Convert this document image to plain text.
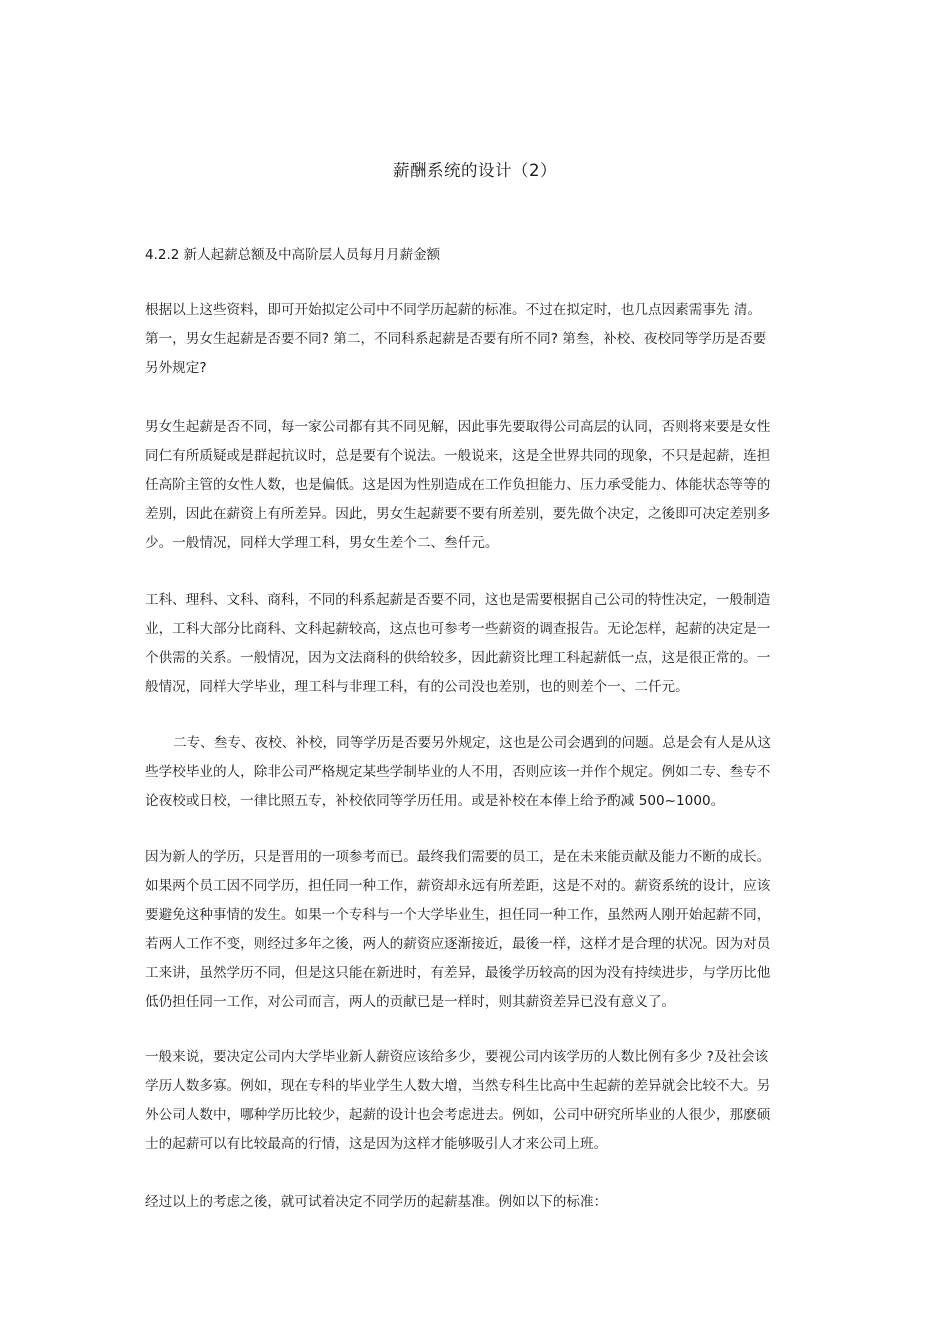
薪酬系统的设计（2）
4.2.2 新人起薪总额及中高阶层人员每月月薪金额
根据以上这些资料，即可开始拟定公司中不同学历起薪的标准。不过在拟定时，也几点因素需事先 清。
第一，男女生起薪是否要不同? 第二，不同科系起薪是否要有所不同? 第叁，补校、夜校同等学历是否要
另外规定?
男女生起薪是否不同，每一家公司都有其不同见解，因此事先要取得公司高层的认同，否则将来要是女性
同仁有所质疑或是群起抗议时，总是要有个说法。一般说来，这是全世界共同的现象，不只是起薪，连担
任高阶主管的女性人数，也是偏低。这是因为性别造成在工作负担能力、压力承受能力、体能状态等等的
差别，因此在薪资上有所差异。因此，男女生起薪要不要有所差别，要先做个决定，之後即可决定差别多
少。一般情况，同样大学理工科，男女生差个二、叁仟元。
工科、理科、文科、商科，不同的科系起薪是否要不同，这也是需要根据自己公司的特性决定，一般制造
业，工科大部分比商科、文科起薪较高，这点也可参考一些薪资的调查报告。无论怎样，起薪的决定是一
个供需的关系。一般情况，因为文法商科的供给较多，因此薪资比理工科起薪低一点，这是很正常的。一
般情况，同样大学毕业，理工科与非理工科，有的公司没也差别，也的则差个一、二仟元。
二专、叁专、夜校、补校，同等学历是否要另外规定，这也是公司会遇到的问题。总是会有人是从这
些学校毕业的人，除非公司严格规定某些学制毕业的人不用，否则应该一并作个规定。例如二专、叁专不
论夜校或日校，一律比照五专，补校依同等学历任用。或是补校在本俸上给予酌减 500~1000。
因为新人的学历，只是晋用的一项参考而已。最终我们需要的员工，是在未来能贡献及能力不断的成长。
如果两个员工因不同学历，担任同一种工作，薪资却永远有所差距，这是不对的。薪资系统的设计，应该
要避免这种事情的发生。如果一个专科与一个大学毕业生，担任同一种工作，虽然两人刚开始起薪不同，
若两人工作不变，则经过多年之後，两人的薪资应逐渐接近，最後一样，这样才是合理的状况。因为对员
工来讲，虽然学历不同，但是这只能在新进时，有差异，最後学历较高的因为没有持续进步，与学历比他
低仍担任同一工作，对公司而言，两人的贡献已是一样时，则其薪资差异已没有意义了。
一般来说，要决定公司内大学毕业新人薪资应该给多少，要视公司内该学历的人数比例有多少 ?及社会该
学历人数多寡。例如，现在专科的毕业学生人数大增，当然专科生比高中生起薪的差异就会比较不大。另
外公司人数中，哪种学历比较少，起薪的设计也会考虑进去。例如，公司中研究所毕业的人很少，那麽硕
士的起薪可以有比较最高的行情，这是因为这样才能够吸引人才来公司上班。
经过以上的考虑之後，就可试着决定不同学历的起薪基准。例如以下的标准：
